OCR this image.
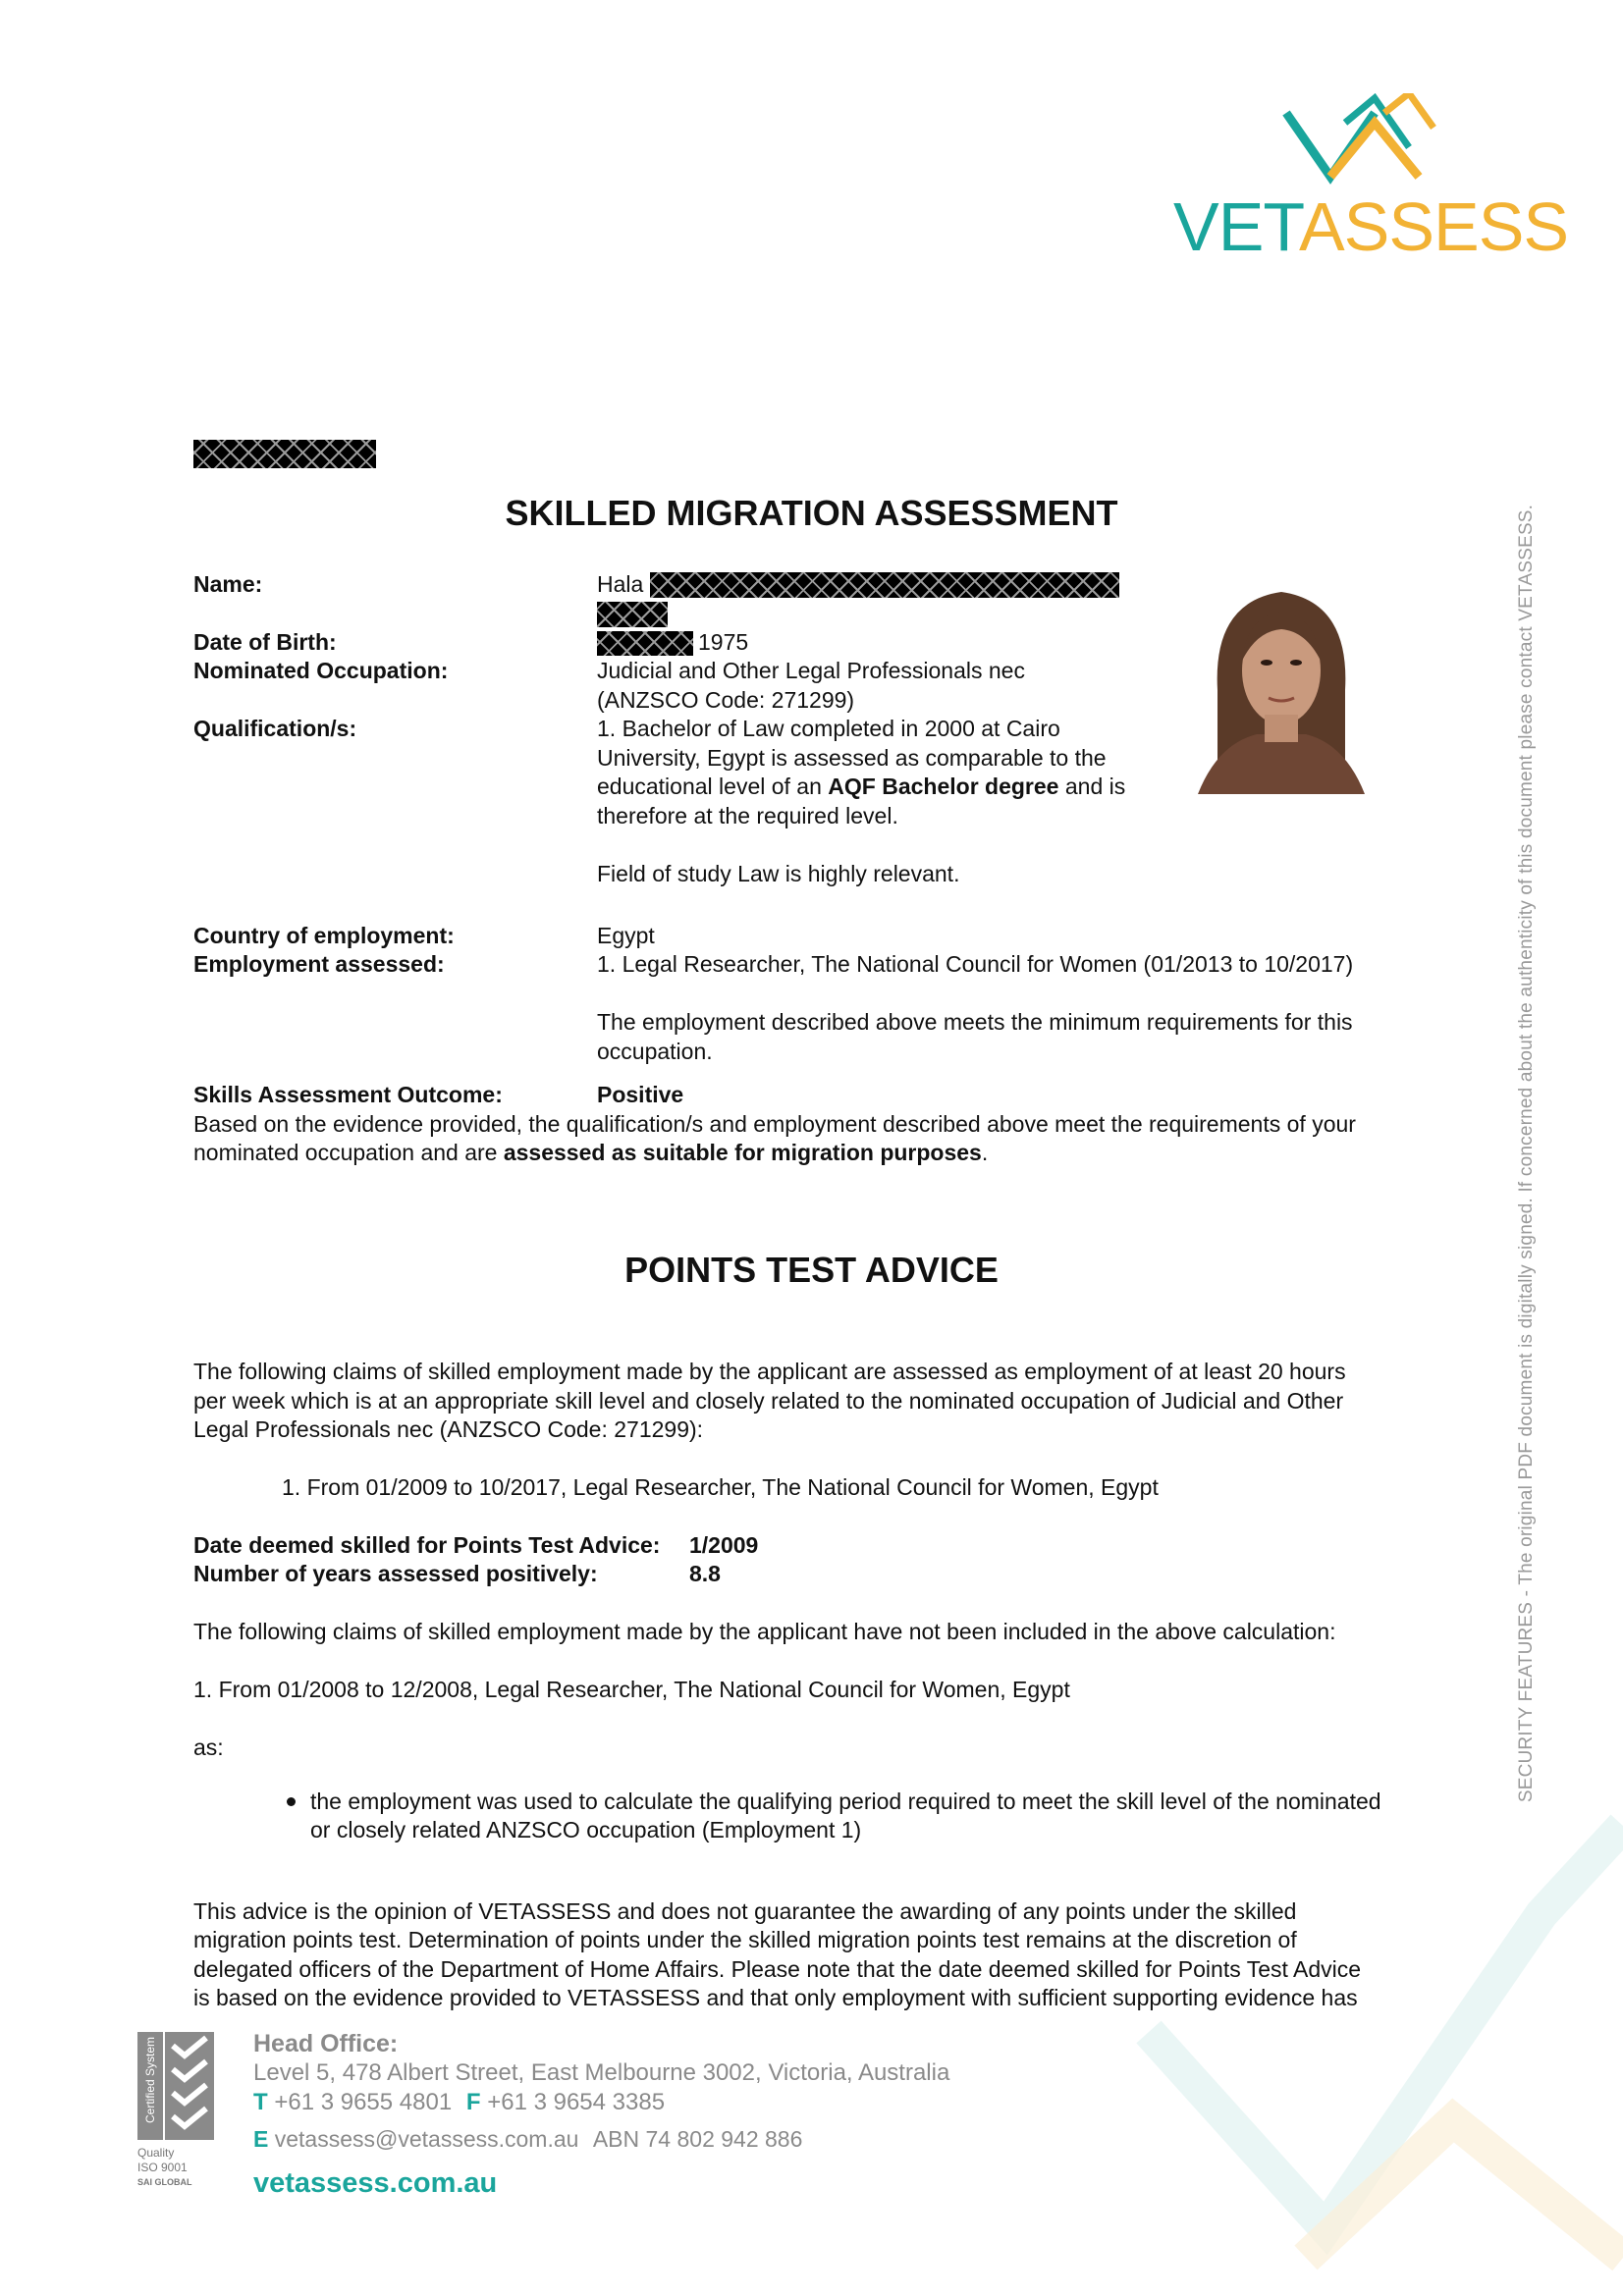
VETASSESS
SKILLED MIGRATION ASSESSMENT
Name:	Hala
Date of Birth:	1975
Nominated Occupation:	Judicial and Other Legal Professionals nec
(ANZSCO Code: 271299)
Qualification/s:	1. Bachelor of Law completed in 2000 at Cairo
University, Egypt is assessed as comparable to the
educational level of an AQF Bachelor degree and is
therefore at the required level.
Field of study Law is highly relevant.
Country of employment:	Egypt
Employment assessed:	1. Legal Researcher, The National Council for Women (01/2013 to 10/2017)
The employment described above meets the minimum requirements for this
occupation.
Skills Assessment Outcome:	Positive
Based on the evidence provided, the qualification/s and employment described above meet the requirements of your
nominated occupation and are assessed as suitable for migration purposes.
POINTS TEST ADVICE
The following claims of skilled employment made by the applicant are assessed as employment of at least 20 hours
per week which is at an appropriate skill level and closely related to the nominated occupation of Judicial and Other
Legal Professionals nec (ANZSCO Code: 271299):
1. From 01/2009 to 10/2017, Legal Researcher, The National Council for Women, Egypt
Date deemed skilled for Points Test Advice: 1/2009
Number of years assessed positively:	8.8
The following claims of skilled employment made by the applicant have not been included in the above calculation:
1. From 01/2008 to 12/2008, Legal Researcher, The National Council for Women, Egypt
as:
the employment was used to calculate the qualifying period required to meet the skill level of the nominated
or closely related ANZSCO occupation (Employment 1)
This advice is the opinion of VETASSESS and does not guarantee the awarding of any points under the skilled
migration points test. Determination of points under the skilled migration points test remains at the discretion of
delegated officers of the Department of Home Affairs. Please note that the date deemed skilled for Points Test Advice
is based on the evidence provided to VETASSESS and that only employment with sufficient supporting evidence has
SECURITY FEATURES - The original PDF document is digitally signed. If concerned about the authenticity of this document please contact VETASSESS.
Certified System
Quality
ISO 9001
SAI GLOBAL
Head Office:
Level 5, 478 Albert Street, East Melbourne 3002, Victoria, Australia
T +61 3 9655 4801 F +61 3 9654 3385
E vetassess@vetassess.com.au ABN 74 802 942 886
vetassess.com.au
